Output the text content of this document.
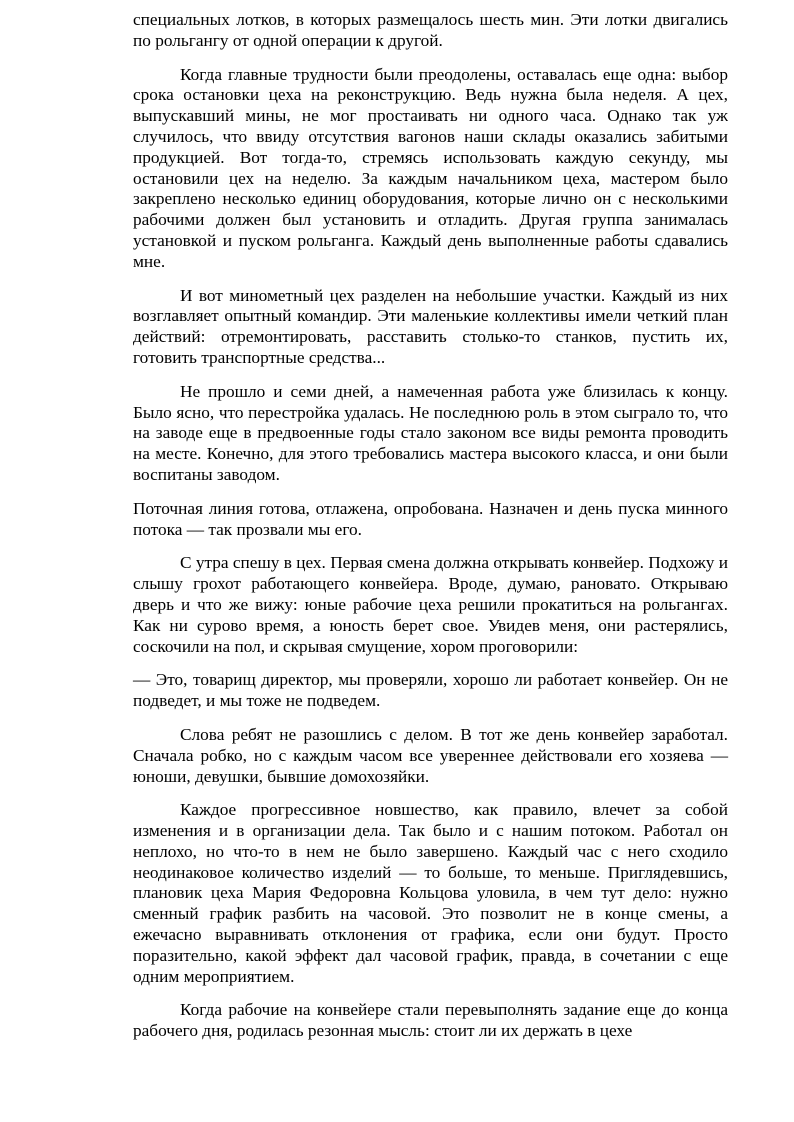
специальных лотков, в которых размещалось шесть мин. Эти лотки двигались по рольгангу от одной операции к другой.

Когда главные трудности были преодолены, оставалась еще одна: выбор срока остановки цеха на реконструкцию. Ведь нужна была неделя. А цех, выпускавший мины, не мог простаивать ни одного часа. Однако так уж случилось, что ввиду отсутствия вагонов наши склады оказались забитыми продукцией. Вот тогда-то, стремясь использовать каждую секунду, мы остановили цех на неделю. За каждым начальником цеха, мастером было закреплено несколько единиц оборудования, которые лично он с несколькими рабочими должен был установить и отладить. Другая группа занималась установкой и пуском рольганга. Каждый день выполненные работы сдавались мне.

И вот минометный цех разделен на небольшие участки. Каждый из них возглавляет опытный командир. Эти маленькие коллективы имели четкий план действий: отремонтировать, расставить столько-то станков, пустить их, готовить транспортные средства...

Не прошло и семи дней, а намеченная работа уже близилась к концу. Было ясно, что перестройка удалась. Не последнюю роль в этом сыграло то, что на заводе еще в предвоенные годы стало законом все виды ремонта проводить на месте. Конечно, для этого требовались мастера высокого класса, и они были воспитаны заводом.

Поточная линия готова, отлажена, опробована. Назначен и день пуска минного потока — так прозвали мы его.

С утра спешу в цех. Первая смена должна открывать конвейер. Подхожу и слышу грохот работающего конвейера. Вроде, думаю, рановато. Открываю дверь и что же вижу: юные рабочие цеха решили прокатиться на рольгангах. Как ни сурово время, а юность берет свое. Увидев меня, они растерялись, соскочили на пол, и скрывая смущение, хором проговорили:

— Это, товарищ директор, мы проверяли, хорошо ли работает конвейер. Он не подведет, и мы тоже не подведем.

Слова ребят не разошлись с делом. В тот же день конвейер заработал. Сначала робко, но с каждым часом все увереннее действовали его хозяева — юноши, девушки, бывшие домохозяйки.

Каждое прогрессивное новшество, как правило, влечет за собой изменения и в организации дела. Так было и с нашим потоком. Работал он неплохо, но что-то в нем не было завершено. Каждый час с него сходило неодинаковое количество изделий — то больше, то меньше. Приглядевшись, плановик цеха Мария Федоровна Кольцова уловила, в чем тут дело: нужно сменный график разбить на часовой. Это позволит не в конце смены, а ежечасно выравнивать отклонения от графика, если они будут. Просто поразительно, какой эффект дал часовой график, правда, в сочетании с еще одним мероприятием.

Когда рабочие на конвейере стали перевыполнять задание еще до конца рабочего дня, родилась резонная мысль: стоит ли их держать в цехе
